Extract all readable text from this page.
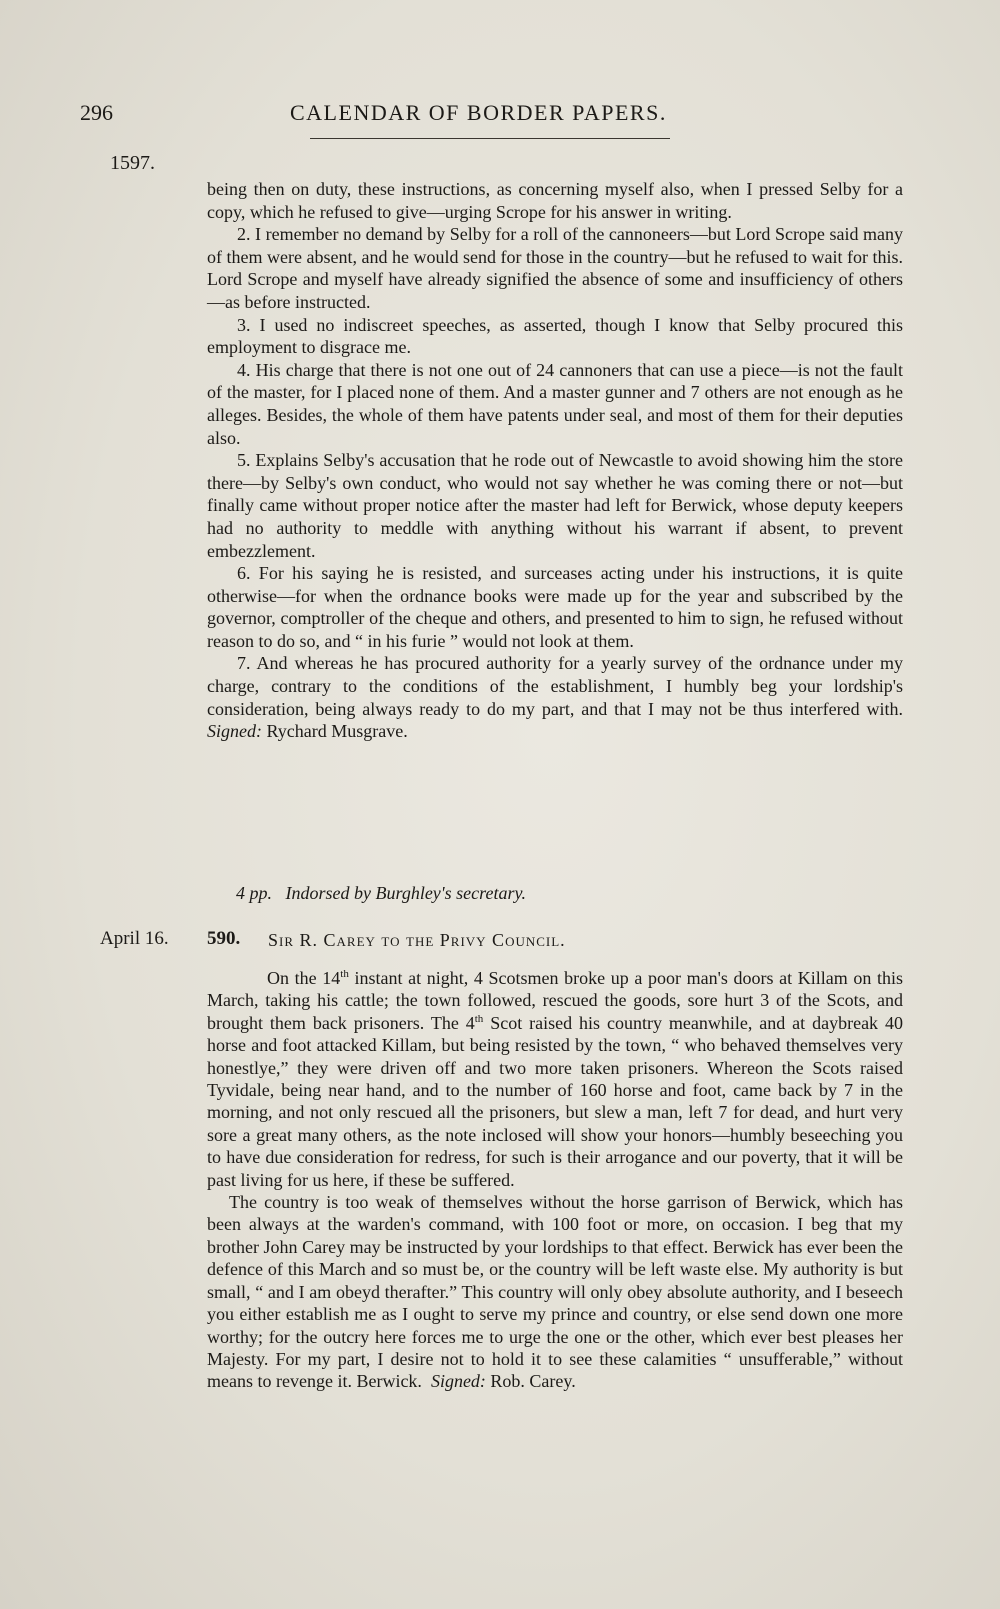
296	CALENDAR OF BORDER PAPERS.
1597.

being then on duty, these instructions, as concerning myself also, when I pressed Selby for a copy, which he refused to give—urging Scrope for his answer in writing.

2. I remember no demand by Selby for a roll of the cannoneers—but Lord Scrope said many of them were absent, and he would send for those in the country—but he refused to wait for this. Lord Scrope and myself have already signified the absence of some and insufficiency of others—as before instructed.

3. I used no indiscreet speeches, as asserted, though I know that Selby procured this employment to disgrace me.

4. His charge that there is not one out of 24 cannoners that can use a piece—is not the fault of the master, for I placed none of them. And a master gunner and 7 others are not enough as he alleges. Besides, the whole of them have patents under seal, and most of them for their deputies also.

5. Explains Selby's accusation that he rode out of Newcastle to avoid showing him the store there—by Selby's own conduct, who would not say whether he was coming there or not—but finally came without proper notice after the master had left for Berwick, whose deputy keepers had no authority to meddle with anything without his warrant if absent, to prevent embezzlement.

6. For his saying he is resisted, and surceases acting under his instructions, it is quite otherwise—for when the ordnance books were made up for the year and subscribed by the governor, comptroller of the cheque and others, and presented to him to sign, he refused without reason to do so, and “ in his furie ” would not look at them.

7. And whereas he has procured authority for a yearly survey of the ordnance under my charge, contrary to the conditions of the establishment, I humbly beg your lordship's consideration, being always ready to do my part, and that I may not be thus interfered with. Signed: Rychard Musgrave.

4 pp. Indorsed by Burghley's secretary.
April 16. 590. Sir R. Carey to the Privy Council.

On the 14th instant at night, 4 Scotsmen broke up a poor man's doors at Killam on this March, taking his cattle; the town followed, rescued the goods, sore hurt 3 of the Scots, and brought them back prisoners. The 4th Scot raised his country meanwhile, and at daybreak 40 horse and foot attacked Killam, but being resisted by the town, “ who behaved themselves very honestlye,” they were driven off and two more taken prisoners. Whereon the Scots raised Tyvidale, being near hand, and to the number of 160 horse and foot, came back by 7 in the morning, and not only rescued all the prisoners, but slew a man, left 7 for dead, and hurt very sore a great many others, as the note inclosed will show your honors—humbly beseeching you to have due consideration for redress, for such is their arrogance and our poverty, that it will be past living for us here, if these be suffered.

The country is too weak of themselves without the horse garrison of Berwick, which has been always at the warden's command, with 100 foot or more, on occasion. I beg that my brother John Carey may be instructed by your lordships to that effect. Berwick has ever been the defence of this March and so must be, or the country will be left waste else. My authority is but small, “ and I am obeyd therafter.” This country will only obey absolute authority, and I beseech you either establish me as I ought to serve my prince and country, or else send down one more worthy; for the outcry here forces me to urge the one or the other, which ever best pleases her Majesty. For my part, I desire not to hold it to see these calamities “ unsufferable,” without means to revenge it. Berwick. Signed: Rob. Carey.
